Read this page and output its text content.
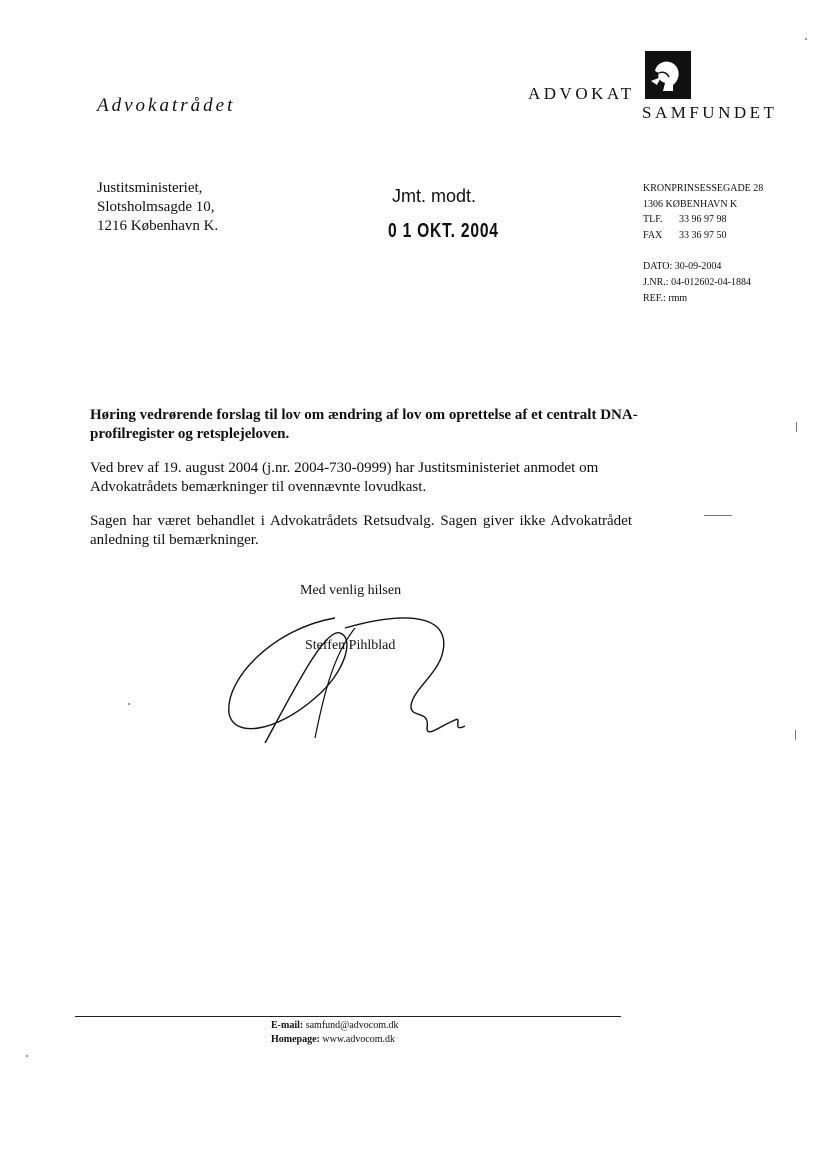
Advokatrådet
ADVOKAT
SAMFUNDET
Justitsministeriet,
Slotsholmsagde 10,
1216 København K.
Jmt. modt.
0 1 OKT. 2004
KRONPRINSESSEGADE 28
1306 KØBENHAVN K
TLF. 33 96 97 98
FAX 33 36 97 50
DATO: 30-09-2004
J.NR.: 04-012602-04-1884
REF.: rmm
Høring vedrørende forslag til lov om ændring af lov om oprettelse af et centralt DNA-profilregister og retsplejeloven.
Ved brev af 19. august 2004 (j.nr. 2004-730-0999) har Justitsministeriet anmodet om Advokatrådets bemærkninger til ovennævnte lovudkast.
Sagen har været behandlet i Advokatrådets Retsudvalg. Sagen giver ikke Advokatrådet anledning til bemærkninger.
Med venlig hilsen
Steffen Pihlblad
E-mail: samfund@advocom.dk
Homepage: www.advocom.dk
